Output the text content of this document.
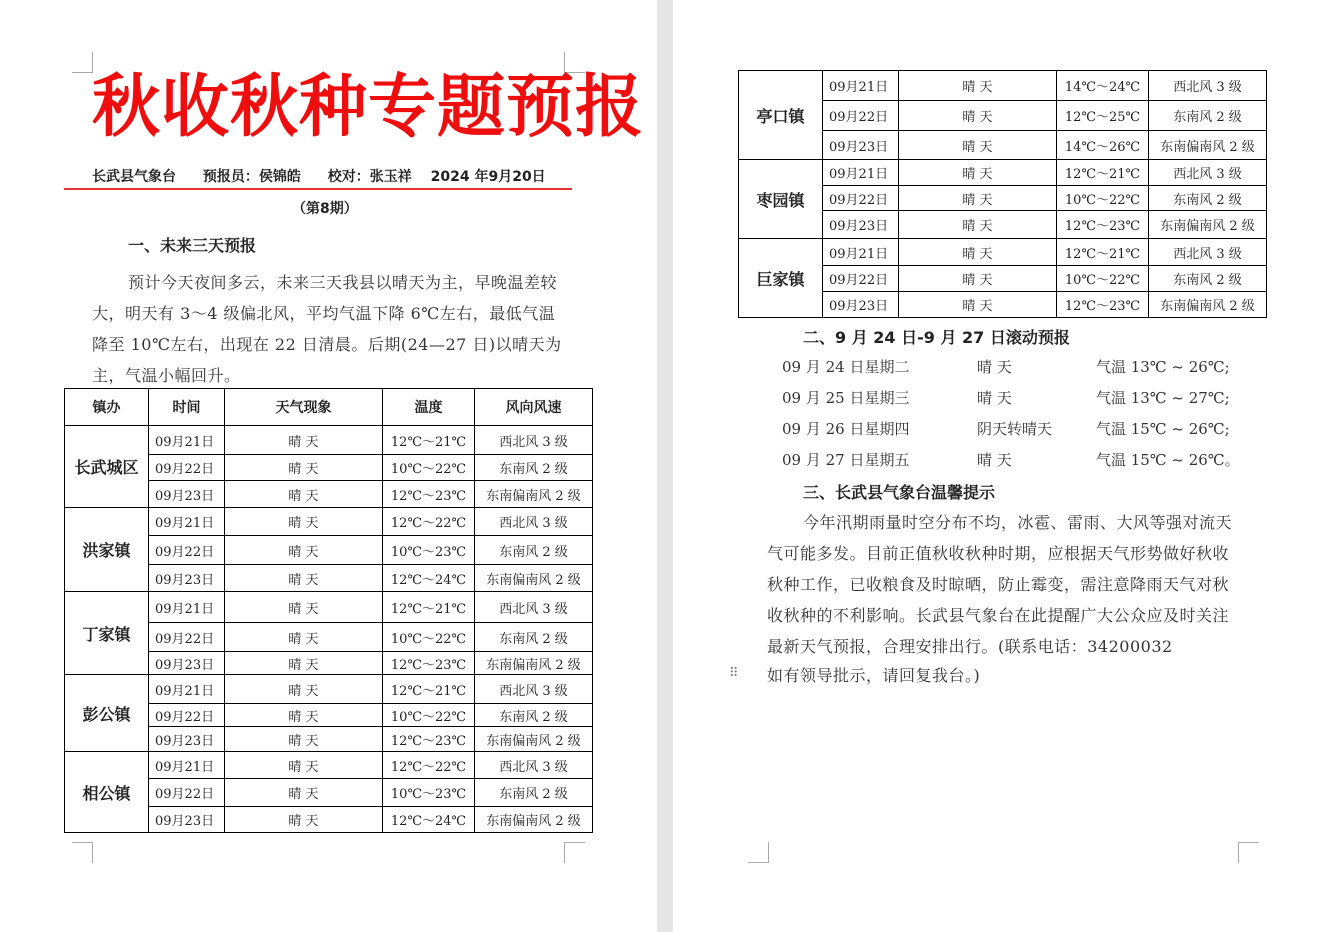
秋收秋种专题预报
长武县气象台 预报员：侯锦皓 校对：张玉祥 2024 年9月20日
（第8期）
一、未来三天预报

预计今天夜间多云，未来三天我县以晴天为主，早晚温差较大，明天有 3～4 级偏北风，平均气温下降 6℃左右，最低气温降至 10℃左右，出现在 22 日清晨。后期(24—27 日)以晴天为主，气温小幅回升。

镇办	时间	天气现象	温度	风向风速
长武城区	09月21日	晴 天	12℃～21℃	西北风 3 级
	09月22日	晴 天	10℃～22℃	东南风 2 级
	09月23日	晴 天	12℃～23℃	东南偏南风 2 级
洪家镇	09月21日	晴 天	12℃～22℃	西北风 3 级
	09月22日	晴 天	10℃～23℃	东南风 2 级
	09月23日	晴 天	12℃～24℃	东南偏南风 2 级
丁家镇	09月21日	晴 天	12℃～21℃	西北风 3 级
	09月22日	晴 天	10℃～22℃	东南风 2 级
	09月23日	晴 天	12℃～23℃	东南偏南风 2 级
彭公镇	09月21日	晴 天	12℃～21℃	西北风 3 级
	09月22日	晴 天	10℃～22℃	东南风 2 级
	09月23日	晴 天	12℃～23℃	东南偏南风 2 级
相公镇	09月21日	晴 天	12℃～22℃	西北风 3 级
	09月22日	晴 天	10℃～23℃	东南风 2 级
	09月23日	晴 天	12℃～24℃	东南偏南风 2 级
亭口镇	09月21日	晴 天	14℃～24℃	西北风 3 级
	09月22日	晴 天	12℃～25℃	东南风 2 级
	09月23日	晴 天	14℃～26℃	东南偏南风 2 级
枣园镇	09月21日	晴 天	12℃～21℃	西北风 3 级
	09月22日	晴 天	10℃～22℃	东南风 2 级
	09月23日	晴 天	12℃～23℃	东南偏南风 2 级
巨家镇	09月21日	晴 天	12℃～21℃	西北风 3 级
	09月22日	晴 天	10℃～22℃	东南风 2 级
	09月23日	晴 天	12℃～23℃	东南偏南风 2 级
二、9 月 24 日-9 月 27 日滚动预报
09 月 24 日星期二	晴 天	气温 13℃ ~ 26℃;
09 月 25 日星期三	晴 天	气温 13℃ ~ 27℃;
09 月 26 日星期四	阴天转晴天	气温 15℃ ~ 26℃;
09 月 27 日星期五	晴 天	气温 15℃ ~ 26℃。
三、长武县气象台温馨提示

今年汛期雨量时空分布不均，冰雹、雷雨、大风等强对流天气可能多发。目前正值秋收秋种时期，应根据天气形势做好秋收秋种工作，已收粮食及时晾晒，防止霉变，需注意降雨天气对秋收秋种的不利影响。长武县气象台在此提醒广大公众应及时关注最新天气预报，合理安排出行。(联系电话：34200032

如有领导批示，请回复我台。)

⠿
